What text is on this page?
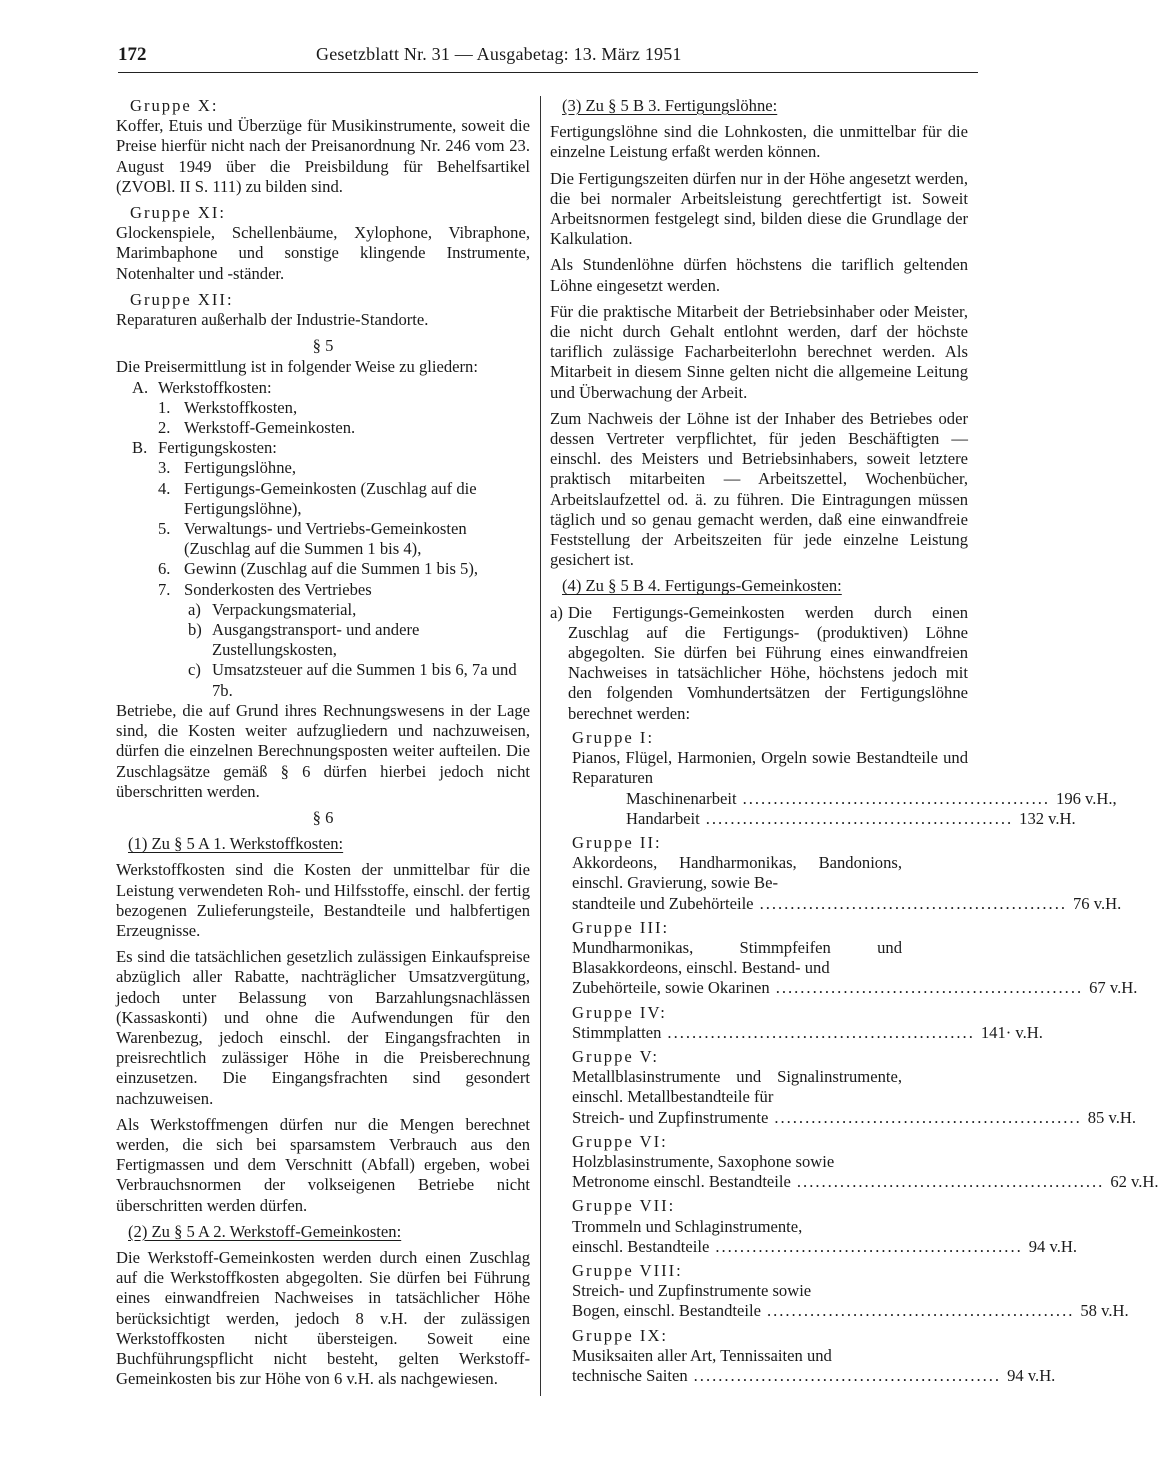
172	Gesetzblatt Nr. 31 — Ausgabetag: 13. März 1951

Gruppe X:

Koffer, Etuis und Überzüge für Musikinstrumente, soweit die Preise hierfür nicht nach der Preisanordnung Nr. 246 vom 23. August 1949 über die Preisbildung für Behelfsartikel (ZVOBl. II S. 111) zu bilden sind.

Gruppe XI:

Glockenspiele, Schellenbäume, Xylophone, Vibraphone, Marimbaphone und sonstige klingende Instrumente, Notenhalter und -ständer.

Gruppe XII:

Reparaturen außerhalb der Industrie-Standorte.

§ 5

Die Preisermittlung ist in folgender Weise zu gliedern:

A. Werkstoffkosten:
1. Werkstoffkosten,
2. Werkstoff-Gemeinkosten.
B. Fertigungskosten:
3. Fertigungslöhne,
4. Fertigungs-Gemeinkosten (Zuschlag auf die Fertigungslöhne),
5. Verwaltungs- und Vertriebs-Gemeinkosten (Zuschlag auf die Summen 1 bis 4),
6. Gewinn (Zuschlag auf die Summen 1 bis 5),
7. Sonderkosten des Vertriebes
a) Verpackungsmaterial,
b) Ausgangstransport- und andere Zustellungskosten,
c) Umsatzsteuer auf die Summen 1 bis 6, 7a und 7b.

Betriebe, die auf Grund ihres Rechnungswesens in der Lage sind, die Kosten weiter aufzugliedern und nachzuweisen, dürfen die einzelnen Berechnungsposten weiter aufteilen. Die Zuschlagsätze gemäß § 6 dürfen hierbei jedoch nicht überschritten werden.

§ 6

(1) Zu § 5 A 1. Werkstoffkosten:

Werkstoffkosten sind die Kosten der unmittelbar für die Leistung verwendeten Roh- und Hilfsstoffe, einschl. der fertig bezogenen Zulieferungsteile, Bestandteile und halbfertigen Erzeugnisse.

Es sind die tatsächlichen gesetzlich zulässigen Einkaufspreise abzüglich aller Rabatte, nachträglicher Umsatzvergütung, jedoch unter Belassung von Barzahlungsnachlässen (Kassaskonti) und ohne die Aufwendungen für den Warenbezug, jedoch einschl. der Eingangsfrachten in preisrechtlich zulässiger Höhe in die Preisberechnung einzusetzen. Die Eingangsfrachten sind gesondert nachzuweisen.

Als Werkstoffmengen dürfen nur die Mengen berechnet werden, die sich bei sparsamstem Verbrauch aus den Fertigmassen und dem Verschnitt (Abfall) ergeben, wobei Verbrauchsnormen der volkseigenen Betriebe nicht überschritten werden dürfen.

(2) Zu § 5 A 2. Werkstoff-Gemeinkosten:

Die Werkstoff-Gemeinkosten werden durch einen Zuschlag auf die Werkstoffkosten abgegolten. Sie dürfen bei Führung eines einwandfreien Nachweises in tatsächlicher Höhe berücksichtigt werden, jedoch 8 v.H. der zulässigen Werkstoffkosten nicht übersteigen. Soweit eine Buchführungspflicht nicht besteht, gelten Werkstoff-Gemeinkosten bis zur Höhe von 6 v.H. als nachgewiesen.

(3) Zu § 5 B 3. Fertigungslöhne:

Fertigungslöhne sind die Lohnkosten, die unmittelbar für die einzelne Leistung erfaßt werden können.

Die Fertigungszeiten dürfen nur in der Höhe angesetzt werden, die bei normaler Arbeitsleistung gerechtfertigt ist. Soweit Arbeitsnormen festgelegt sind, bilden diese die Grundlage der Kalkulation.

Als Stundenlöhne dürfen höchstens die tariflich geltenden Löhne eingesetzt werden.

Für die praktische Mitarbeit der Betriebsinhaber oder Meister, die nicht durch Gehalt entlohnt werden, darf der höchste tariflich zulässige Facharbeiterlohn berechnet werden. Als Mitarbeit in diesem Sinne gelten nicht die allgemeine Leitung und Überwachung der Arbeit.

Zum Nachweis der Löhne ist der Inhaber des Betriebes oder dessen Vertreter verpflichtet, für jeden Beschäftigten — einschl. des Meisters und Betriebsinhabers, soweit letztere praktisch mitarbeiten — Arbeitszettel, Wochenbücher, Arbeitslaufzettel od. ä. zu führen. Die Eintragungen müssen täglich und so genau gemacht werden, daß eine einwandfreie Feststellung der Arbeitszeiten für jede einzelne Leistung gesichert ist.

(4) Zu § 5 B 4. Fertigungs-Gemeinkosten:

a) Die Fertigungs-Gemeinkosten werden durch einen Zuschlag auf die Fertigungs- (produktiven) Löhne abgegolten. Sie dürfen bei Führung eines einwandfreien Nachweises in tatsächlicher Höhe, höchstens jedoch mit den folgenden Vomhundertsätzen der Fertigungslöhne berechnet werden:

Gruppe I:

Pianos, Flügel, Harmonien, Orgeln sowie Bestandteile und Reparaturen

Maschinenarbeit .................................................. 196 v.H.,
Handarbeit .................................................. 132 v.H.

Gruppe II:

Akkordeons, Handharmonikas, Bandonions, einschl. Gravierung, sowie Be-

standteile und Zubehörteile .................................................. 76 v.H.

Gruppe III:

Mundharmonikas, Stimmpfeifen und Blasakkordeons, einschl. Bestand- und

Zubehörteile, sowie Okarinen .................................................. 67 v.H.

Gruppe IV:

Stimmplatten .................................................. 141· v.H.

Gruppe V:

Metallblasinstrumente und Signalinstrumente, einschl. Metallbestandteile für

Streich- und Zupfinstrumente .................................................. 85 v.H.

Gruppe VI:

Holzblasinstrumente, Saxophone sowie

Metronome einschl. Bestandteile .................................................. 62 v.H.

Gruppe VII:

Trommeln und Schlaginstrumente,

einschl. Bestandteile .................................................. 94 v.H.

Gruppe VIII:

Streich- und Zupfinstrumente sowie

Bogen, einschl. Bestandteile .................................................. 58 v.H.

Gruppe IX:

Musiksaiten aller Art, Tennissaiten und

technische Saiten .................................................. 94 v.H.
